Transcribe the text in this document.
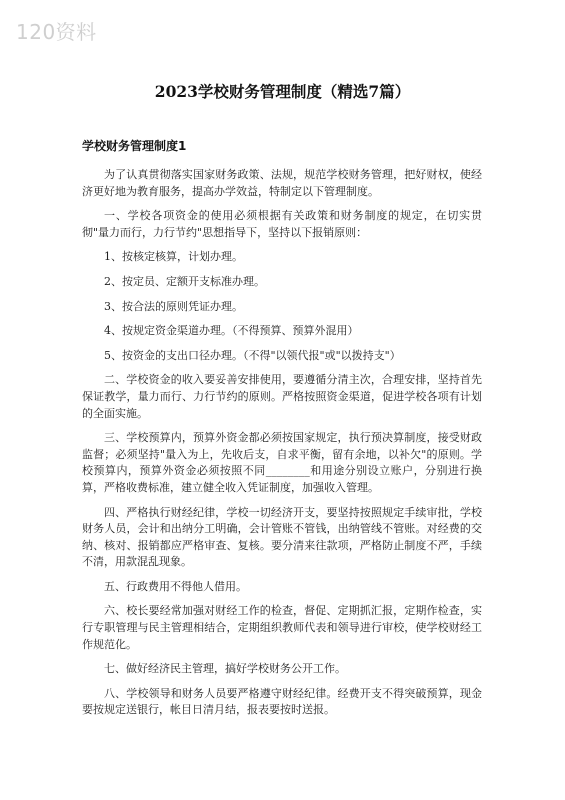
120资料
2023学校财务管理制度（精选7篇）
学校财务管理制度1

为了认真贯彻落实国家财务政策、法规，规范学校财务管理，把好财权，使经济更好地为教育服务，提高办学效益，特制定以下管理制度。

一、学校各项资金的使用必须根据有关政策和财务制度的规定，在切实贯彻"量力而行，力行节约"思想指导下，坚持以下报销原则：

1、按核定核算，计划办理。

2、按定员、定额开支标准办理。

3、按合法的原则凭证办理。

4、按规定资金渠道办理。（不得预算、预算外混用）

5、按资金的支出口径办理。（不得"以领代报"或"以拨持支"）

二、学校资金的收入要妥善安排使用，要遵循分清主次，合理安排，坚持首先保证教学，量力而行、力行节约的原则。严格按照资金渠道，促进学校各项有计划的全面实施。

三、学校预算内，预算外资金都必须按国家规定，执行预决算制度，接受财政监督；必须坚持"量入为上，先收后支，自求平衡，留有余地，以补欠"的原则。学校预算内，预算外资金必须按照不同________和用途分别设立账户，分别进行换算，严格收费标准，建立健全收入凭证制度，加强收入管理。

四、严格执行财经纪律，学校一切经济开支，要坚持按照规定手续审批，学校财务人员，会计和出纳分工明确，会计管账不管钱，出纳管线不管账。对经费的交纳、核对、报销都应严格审查、复核。要分清来往款项，严格防止制度不严，手续不清，用款混乱现象。

五、行政费用不得他人借用。

六、校长要经常加强对财经工作的检查，督促、定期抓汇报，定期作检查，实行专职管理与民主管理相结合，定期组织教师代表和领导进行审校，使学校财经工作规范化。

七、做好经济民主管理，搞好学校财务公开工作。

八、学校领导和财务人员要严格遵守财经纪律。经费开支不得突破预算，现金要按规定送银行，帐目日清月结，报表要按时送报。
